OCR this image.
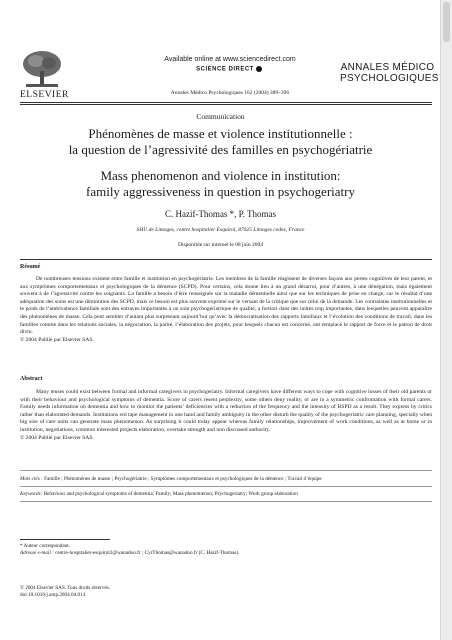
ELSEVIER
Available online at www.sciencedirect.com
SCIENCE DIRECT
Annales Médico Psychologiques 162 (2004) 389–396
ANNALES MÉDICO
PSYCHOLOGIQUES
Communication
Phénomènes de masse et violence institutionnelle :
la question de l’agressivité des familles en psychogériatrie
Mass phenomenon and violence in institution:
family aggressiveness in question in psychogeriatry
C. Hazif-Thomas *, P. Thomas
SHU de Limoges, centre hospitalier Esquirol, 87025 Limoges cedex, France
Disponible sur internet le 08 juin 2004
Résumé

De nombreuses tensions existent entre famille et institution en psychogériatrie. Les membres de la famille réagissent de diverses façons aux pertes cognitives de leur parent, et aux symptômes comportementaux et psychologiques de la démence (SCPD). Pour certains, cela donne lieu à un grand désarroi, pour d’autres, à une dénégation, mais également souvent à de l’agressivité contre les soignants. La famille a besoin d’être renseignée sur la maladie démentielle ainsi que sur les techniques de prise en charge, car le résultat d’une adéquation des soins est une diminution des SCPD, mais ce besoin est plus souvent exprimé sur le versant de la critique que sur celui de la demande. Les contraintes institutionnelles et le poids de l’ambivalence familiale sont des entraves importantes à un soin psychogériatrique de qualité, a fortiori dans des unités trop importantes, dans lesquelles peuvent apparaître des phénomènes de masse. Cela peut sembler d’autant plus surprenant aujourd’hui qu’avec la démocratisation des rapports familiaux et l’évolution des conditions de travail, dans les familles comme dans les relations sociales, la négociation, la parité, l’élaboration des projets, pour lesquels chacun est concerné, ont remplacé le rapport de force et le patron de droit divin.

© 2004 Publié par Elsevier SAS.
Abstract

Many tenses could exist between formal and informal caregivers in psychogeriatry. Informal caregivers have different ways to cope with cognitive losses of their old parents or with their behaviour and psychological symptoms of dementia. Score of carers resent perplexity, some others deny reality, or are in a symmetric confrontation with formal carers. Family needs information on dementia and how to monitor the patients’ deficiencies with a reduction of the frequency and the intensity of BSPD as a result. They express by critics rather than elaborated demands. Institutions red tape management in one hand and family ambiguity in the other disturb the quality of the psychogeriatric care planning, specially when big size of care units can generate mass phenomenon. As surprising it could today appear whereas family relationships, improvement of work conditions, as well as at home or in institution, negotiations, common interested projects elaboration, overtake strength and non discussed authority.

© 2004 Publié par Elsevier SAS.
Mots clés : Famille ; Phénomènes de masse ; Psychogériatrie ; Symptômes comportementaux et psychologiques de la démence ; Travail d’équipe
Keywords: Behaviour and psychological symptoms of dementia; Family; Mass phenomenon; Psychogeriatry; Work group elaboration
* Auteur correspondant.
Adresse e-mail : centre-hospitalier-esquirol2@wanadoo.fr ; CyrThomas@wanadoo.fr (C. Hazif-Thomas).
© 2004 Elsevier SAS. Tous droits réservés.
doi:10.1016/j.amp.2004.04.014
